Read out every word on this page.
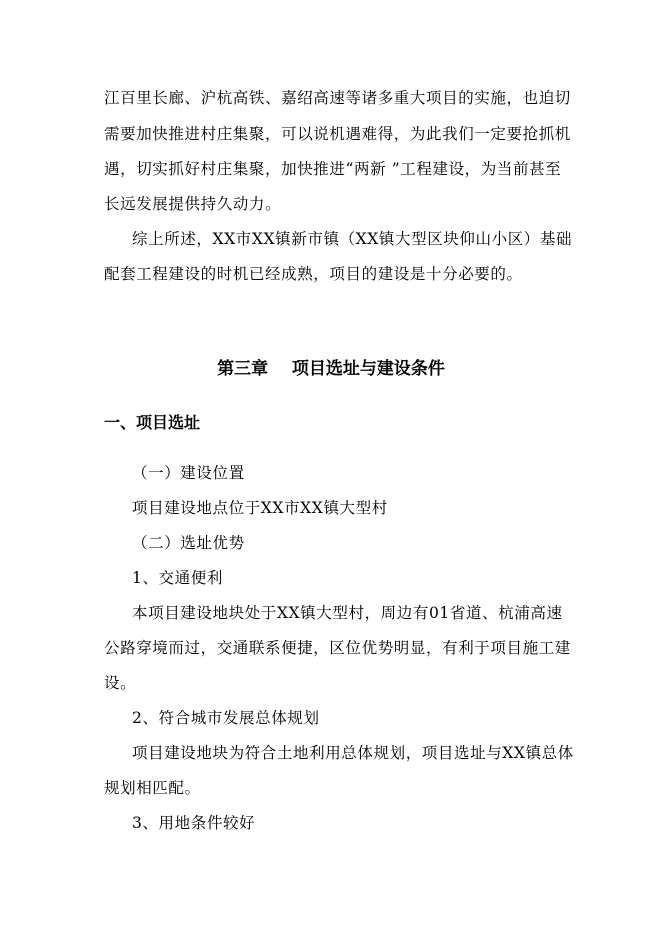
江百里长廊、沪杭高铁、嘉绍高速等诸多重大项目的实施，也迫切
需要加快推进村庄集聚，可以说机遇难得，为此我们一定要抢抓机
遇，切实抓好村庄集聚，加快推进“两新 ”工程建设，为当前甚至
长远发展提供持久动力。
综上所述，XX市XX镇新市镇（XX镇大型区块仰山小区）基础
配套工程建设的时机已经成熟，项目的建设是十分必要的。
第三章    项目选址与建设条件
一、项目选址
（一）建设位置
项目建设地点位于XX市XX镇大型村
（二）选址优势
1、交通便利
本项目建设地块处于XX镇大型村，周边有01省道、杭浦高速
公路穿境而过，交通联系便捷，区位优势明显，有利于项目施工建
设。
2、符合城市发展总体规划
项目建设地块为符合土地利用总体规划，项目选址与XX镇总体
规划相匹配。
3、用地条件较好
